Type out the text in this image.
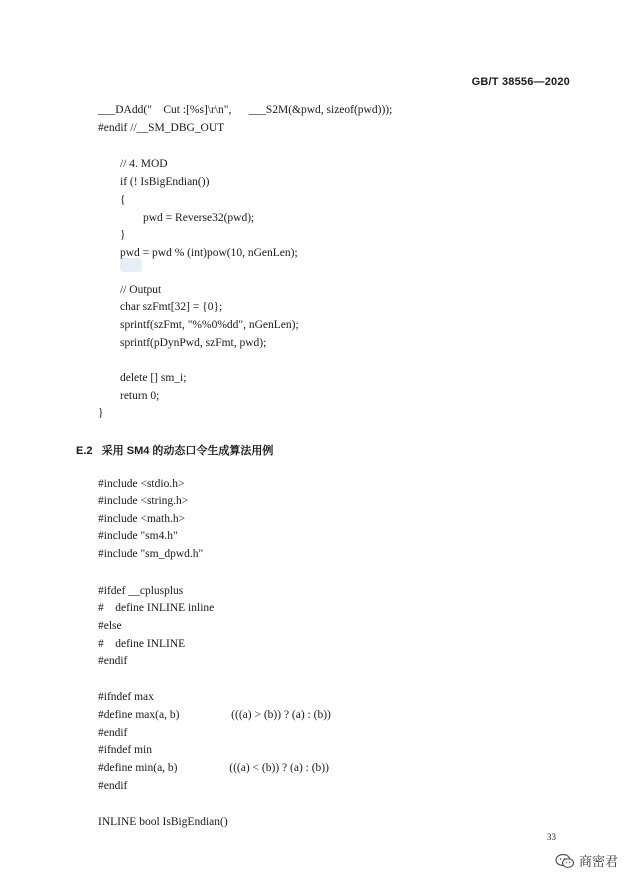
GB/T 38556—2020
___DAdd("    Cut :[%s]\r\n",      ___S2M(&pwd, sizeof(pwd)));
#endif //__SM_DBG_OUT
// 4. MOD
if (! IsBigEndian())
{
pwd = Reverse32(pwd);
}
pwd = pwd % (int)pow(10, nGenLen);
// Output
char szFmt[32] = {0};
sprintf(szFmt, "%%0%dd", nGenLen);
sprintf(pDynPwd, szFmt, pwd);
delete [] sm_i;
return 0;
}
E.2 采用 SM4 的动态口令生成算法用例
#include <stdio.h>
#include <string.h>
#include <math.h>
#include "sm4.h"
#include "sm_dpwd.h"
#ifdef __cplusplus
#    define INLINE inline
#else
#    define INLINE
#endif
#ifndef max
#define max(a, b)                  (((a) > (b)) ? (a) : (b))
#endif
#ifndef min
#define min(a, b)                  (((a) < (b)) ? (a) : (b))
#endif
INLINE bool IsBigEndian()
33
商密君
